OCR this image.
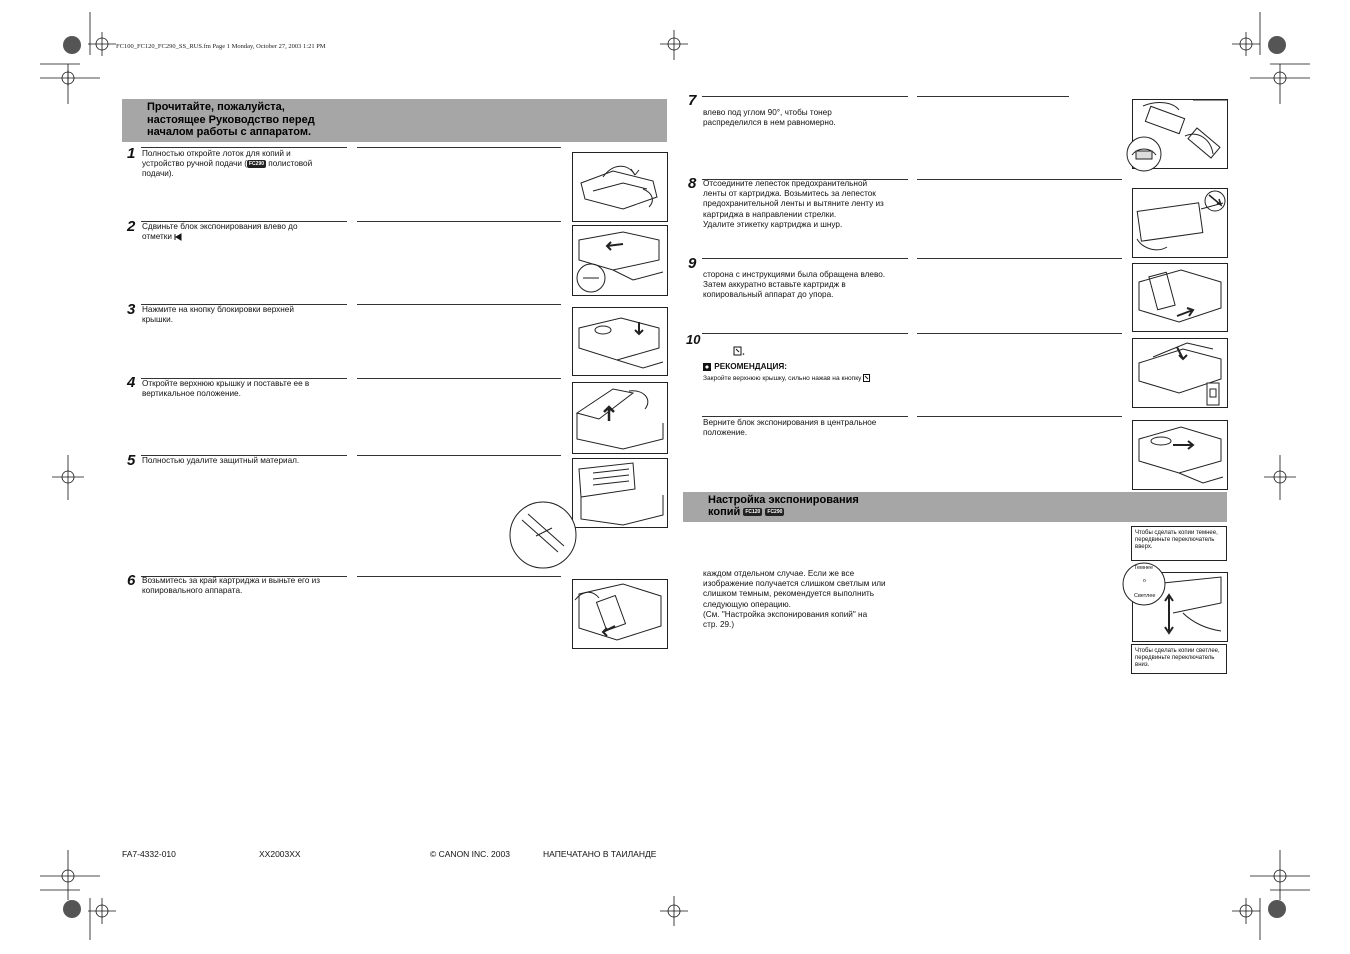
FC100_FC120_FC290_SS_RUS.fm Page 1 Monday, October 27, 2003 1:21 PM
Прочитайте, пожалуйста,
настоящее Руководство перед
началом работы с аппаратом.
1 Полностью откройте лоток для копий и
устройство ручной подачи ( FC290 полистовой
подачи).
2 Сдвиньте блок экспонирования влево до
отметки
3 Нажмите на кнопку блокировки верхней
крышки.
4 Откройте верхнюю крышку и поставьте ее в
вертикальное положение.
5 Полностью удалите защитный материал.
6 Возьмитесь за край картриджа и выньте его из
копировального аппарата.
7
влево под углом 90°, чтобы тонер
распределился в нем равномерно.
8 Отсоедините лепесток предохранительной
ленты от картриджа. Возьмитесь за лепесток
предохранительной ленты и вытяните ленту из
картриджа в направлении стрелки.
Удалите этикетку картриджа и шнур.
9
сторона с инструкциями была обращена влево.
Затем аккуратно вставьте картридж в
копировальный аппарат до упора.
10
РЕКОМЕНДАЦИЯ:
Закройте верхнюю крышку, сильно нажав на кнопку
Верните блок экспонирования в центральное
положение.
Настройка экспонирования
копий FC120 FC290
каждом отдельном случае. Если же все
изображение получается слишком светлым или
слишком темным, рекомендуется выполнить
следующую операцию.
(См. "Настройка экспонирования копий" на
стр. 29.)
Чтобы сделать копии темнее,
передвиньте переключатель
вверх.
Темнее
o
Светлее
Чтобы сделать копии светлее,
передвиньте переключатель
вниз.
FA7-4332-010	XX2003XX	© CANON INC. 2003	НАПЕЧАТАНО В ТАИЛАНДЕ
